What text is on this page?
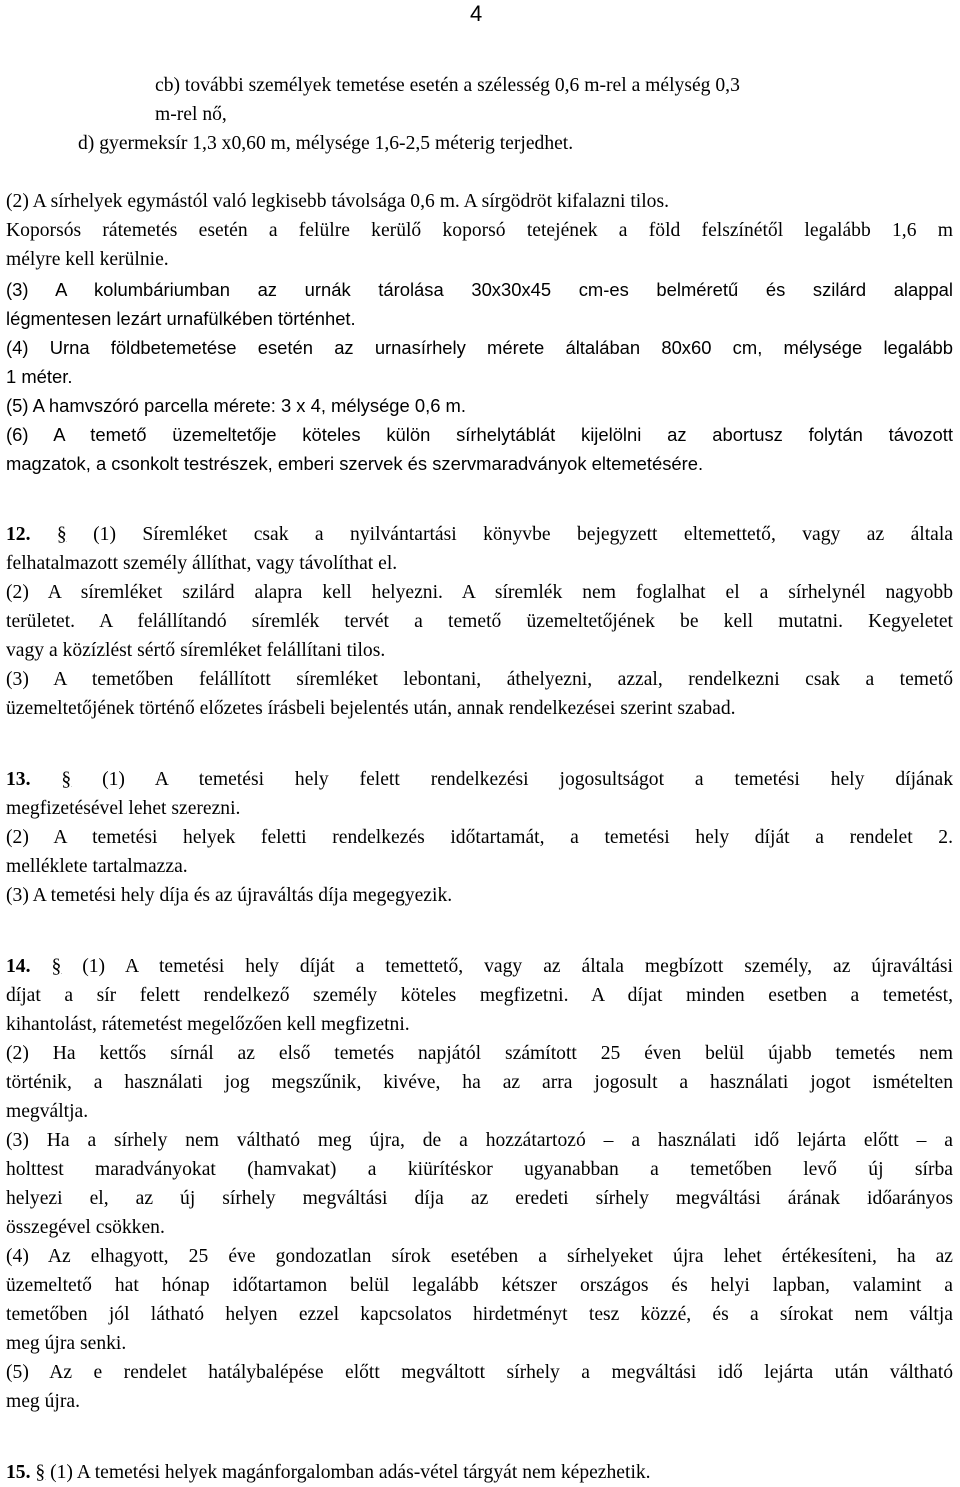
4

cb) további személyek temetése esetén a szélesség 0,6 m-rel a mélység 0,3

m-rel nő,

d) gyermeksír 1,3 x0,60 m, mélysége 1,6-2,5 méterig terjedhet.

(2) A sírhelyek egymástól való legkisebb távolsága 0,6 m. A sírgödröt kifalazni tilos.

Koporsós rátemetés esetén a felülre kerülő koporsó tetejének a föld felszínétől legalább 1,6 m

mélyre kell kerülnie.

(3) A kolumbáriumban az urnák tárolása 30x30x45 cm-es belméretű és szilárd alappal

légmentesen lezárt urnafülkében történhet.

(4) Urna földbetemetése esetén az urnasírhely mérete általában 80x60 cm, mélysége legalább

1 méter.

(5) A hamvszóró parcella mérete: 3 x 4, mélysége 0,6 m.

(6) A temető üzemeltetője köteles külön sírhelytáblát kijelölni az abortusz folytán távozott

magzatok, a csonkolt testrészek, emberi szervek és szervmaradványok eltemetésére.

12. § (1) Síremléket csak a nyilvántartási könyvbe bejegyzett eltemettető, vagy az általa

felhatalmazott személy állíthat, vagy távolíthat el.

(2) A síremléket szilárd alapra kell helyezni. A síremlék nem foglalhat el a sírhelynél nagyobb

területet. A felállítandó síremlék tervét a temető üzemeltetőjének be kell mutatni. Kegyeletet

vagy a közízlést sértő síremléket felállítani tilos.

(3) A temetőben felállított síremléket lebontani, áthelyezni, azzal, rendelkezni csak a temető

üzemeltetőjének történő előzetes írásbeli bejelentés után, annak rendelkezései szerint szabad.

13. § (1) A temetési hely felett rendelkezési jogosultságot a temetési hely díjának

megfizetésével lehet szerezni.

(2) A temetési helyek feletti rendelkezés időtartamát, a temetési hely díját a rendelet 2.

melléklete tartalmazza.

(3) A temetési hely díja és az újraváltás díja megegyezik.

14. § (1) A temetési hely díját a temettető, vagy az általa megbízott személy, az újraváltási

díjat a sír felett rendelkező személy köteles megfizetni. A díjat minden esetben a temetést,

kihantolást, rátemetést megelőzően kell megfizetni.

(2) Ha kettős sírnál az első temetés napjától számított 25 éven belül újabb temetés nem

történik, a használati jog megszűnik, kivéve, ha az arra jogosult a használati jogot ismételten

megváltja.

(3) Ha a sírhely nem váltható meg újra, de a hozzátartozó – a használati idő lejárta előtt – a

holttest maradványokat (hamvakat) a kiürítéskor ugyanabban a temetőben levő új sírba

helyezi el, az új sírhely megváltási díja az eredeti sírhely megváltási árának időarányos

összegével csökken.

(4) Az elhagyott, 25 éve gondozatlan sírok esetében a sírhelyeket újra lehet értékesíteni, ha az

üzemeltető hat hónap időtartamon belül legalább kétszer országos és helyi lapban, valamint a

temetőben jól látható helyen ezzel kapcsolatos hirdetményt tesz közzé, és a sírokat nem váltja

meg újra senki.

(5) Az e rendelet hatálybalépése előtt megváltott sírhely a megváltási idő lejárta után váltható

meg újra.

15. § (1) A temetési helyek magánforgalomban adás-vétel tárgyát nem képezhetik.
